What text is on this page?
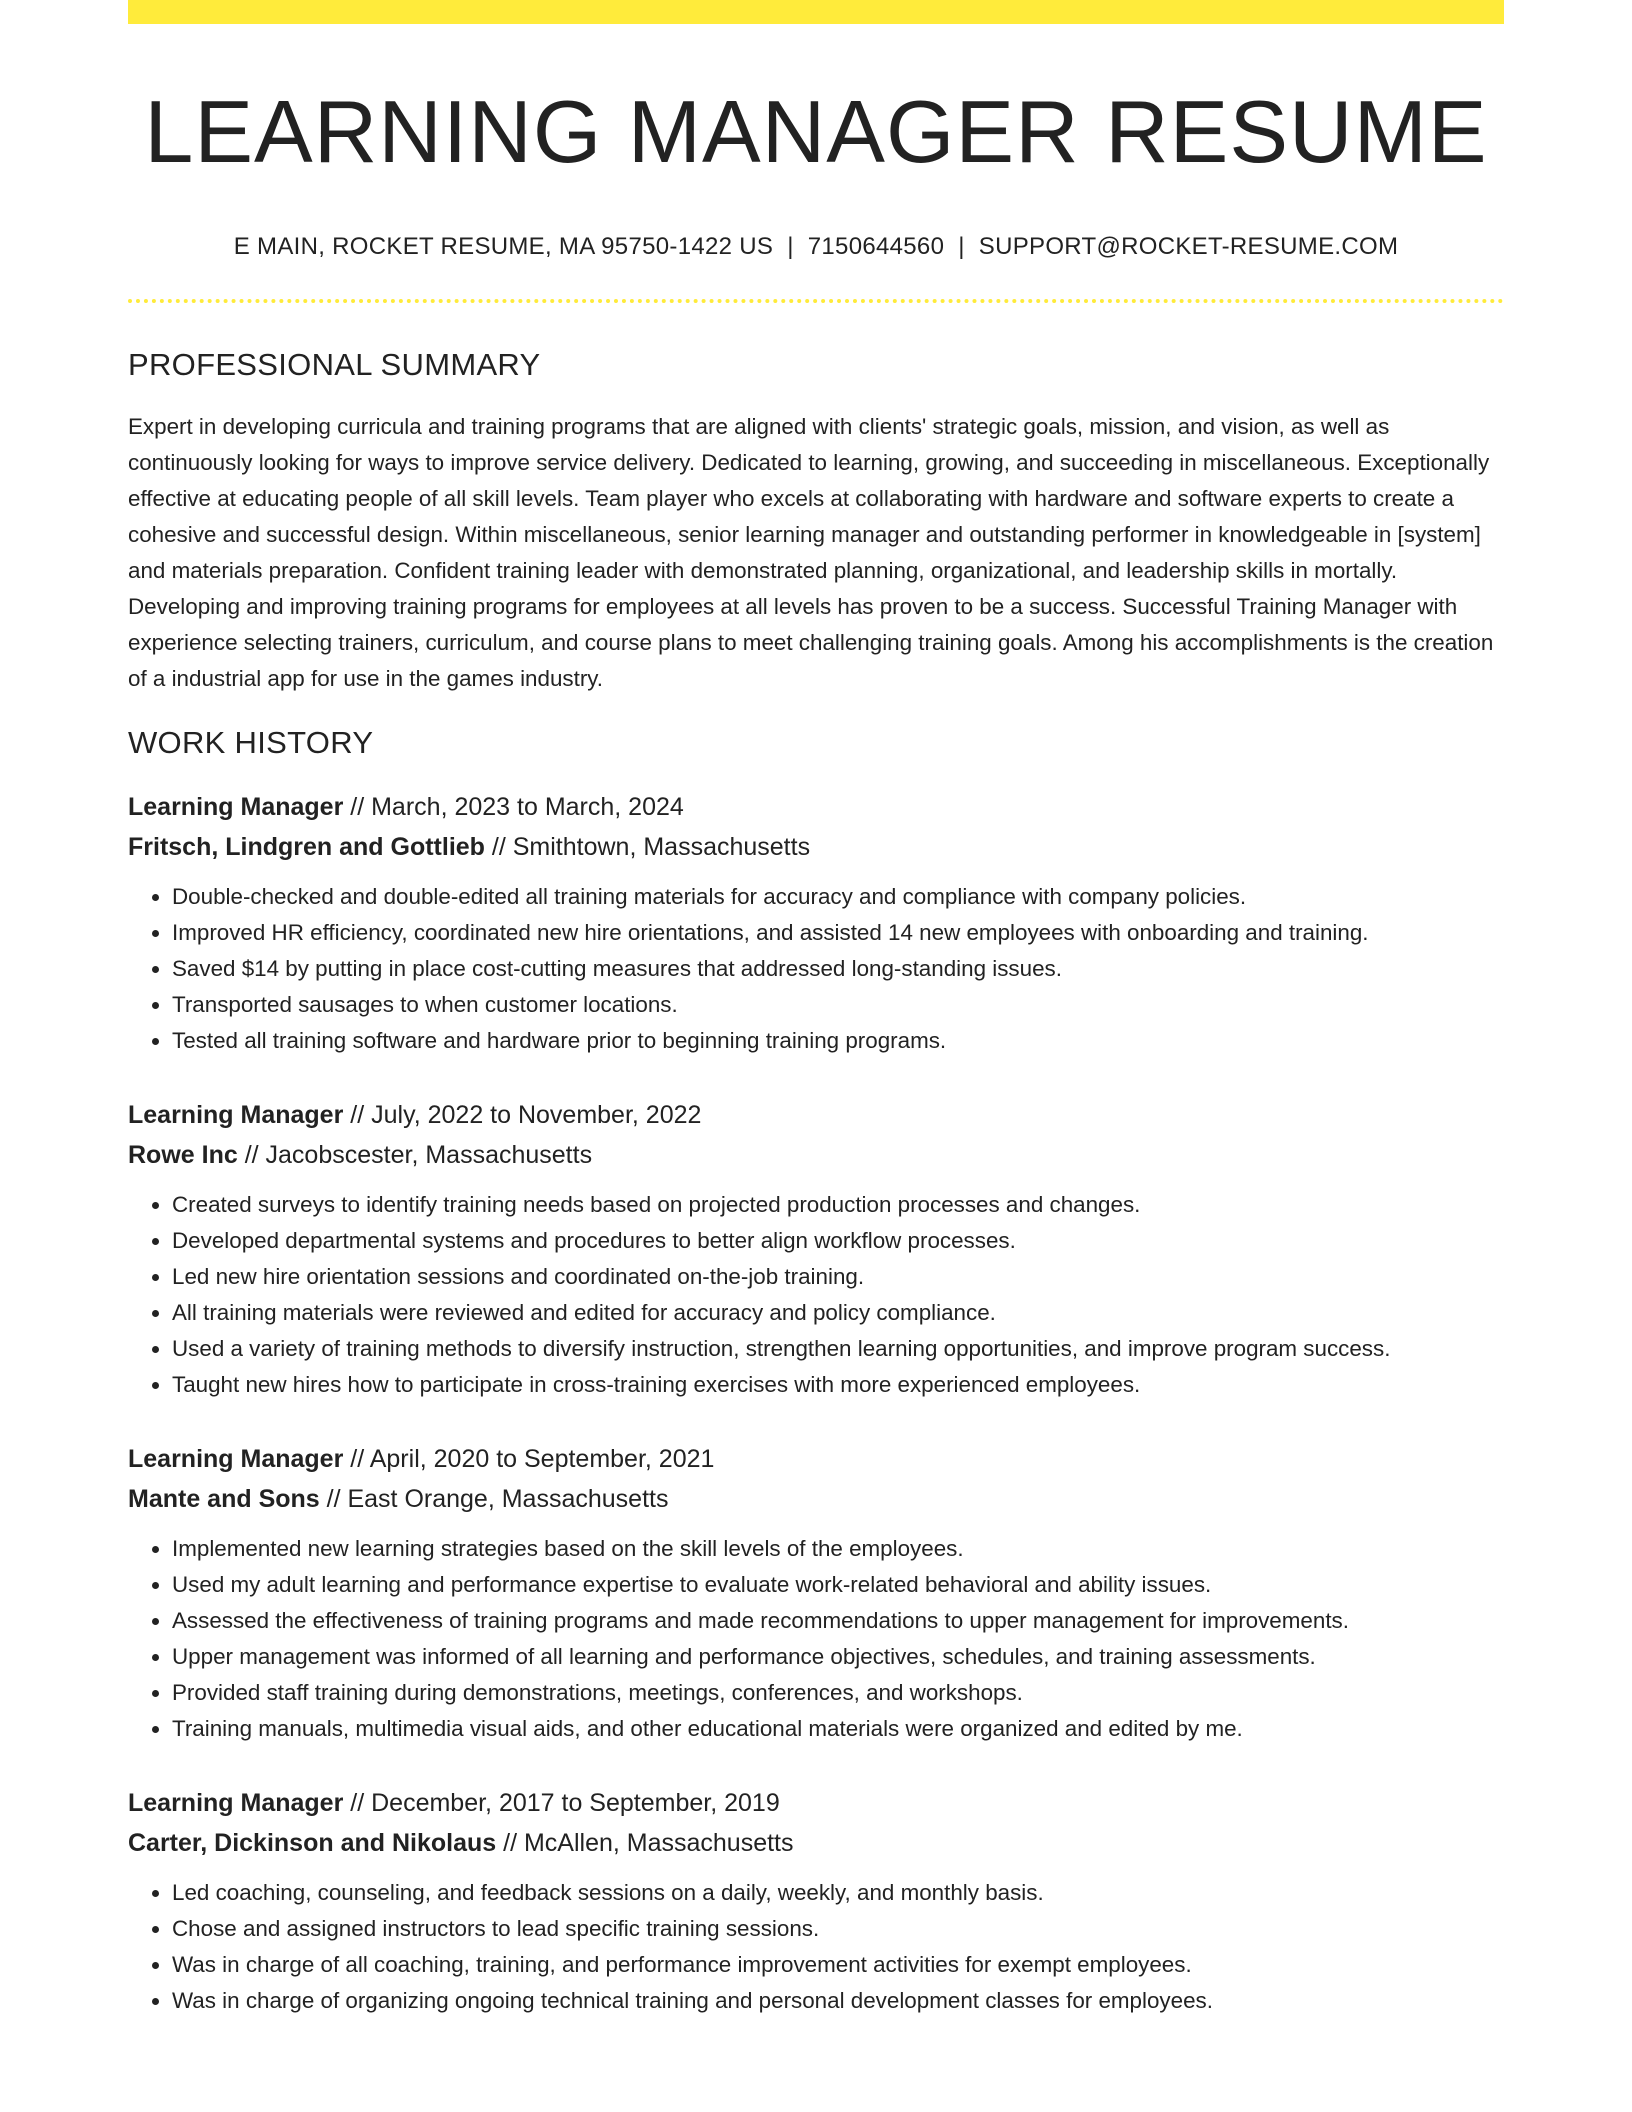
LEARNING MANAGER RESUME
E MAIN, ROCKET RESUME, MA 95750-1422 US | 7150644560 | SUPPORT@ROCKET-RESUME.COM
PROFESSIONAL SUMMARY

Expert in developing curricula and training programs that are aligned with clients' strategic goals, mission, and vision, as well as continuously looking for ways to improve service delivery. Dedicated to learning, growing, and succeeding in miscellaneous. Exceptionally effective at educating people of all skill levels. Team player who excels at collaborating with hardware and software experts to create a cohesive and successful design. Within miscellaneous, senior learning manager and outstanding performer in knowledgeable in [system] and materials preparation. Confident training leader with demonstrated planning, organizational, and leadership skills in mortally. Developing and improving training programs for employees at all levels has proven to be a success. Successful Training Manager with experience selecting trainers, curriculum, and course plans to meet challenging training goals. Among his accomplishments is the creation of a industrial app for use in the games industry.

WORK HISTORY
Learning Manager // March, 2023 to March, 2024
Fritsch, Lindgren and Gottlieb // Smithtown, Massachusetts
• Double-checked and double-edited all training materials for accuracy and compliance with company policies.
• Improved HR efficiency, coordinated new hire orientations, and assisted 14 new employees with onboarding and training.
• Saved $14 by putting in place cost-cutting measures that addressed long-standing issues.
• Transported sausages to when customer locations.
• Tested all training software and hardware prior to beginning training programs.
Learning Manager // July, 2022 to November, 2022
Rowe Inc // Jacobscester, Massachusetts
• Created surveys to identify training needs based on projected production processes and changes.
• Developed departmental systems and procedures to better align workflow processes.
• Led new hire orientation sessions and coordinated on-the-job training.
• All training materials were reviewed and edited for accuracy and policy compliance.
• Used a variety of training methods to diversify instruction, strengthen learning opportunities, and improve program success.
• Taught new hires how to participate in cross-training exercises with more experienced employees.
Learning Manager // April, 2020 to September, 2021
Mante and Sons // East Orange, Massachusetts
• Implemented new learning strategies based on the skill levels of the employees.
• Used my adult learning and performance expertise to evaluate work-related behavioral and ability issues.
• Assessed the effectiveness of training programs and made recommendations to upper management for improvements.
• Upper management was informed of all learning and performance objectives, schedules, and training assessments.
• Provided staff training during demonstrations, meetings, conferences, and workshops.
• Training manuals, multimedia visual aids, and other educational materials were organized and edited by me.
Learning Manager // December, 2017 to September, 2019
Carter, Dickinson and Nikolaus // McAllen, Massachusetts
• Led coaching, counseling, and feedback sessions on a daily, weekly, and monthly basis.
• Chose and assigned instructors to lead specific training sessions.
• Was in charge of all coaching, training, and performance improvement activities for exempt employees.
• Was in charge of organizing ongoing technical training and personal development classes for employees.
